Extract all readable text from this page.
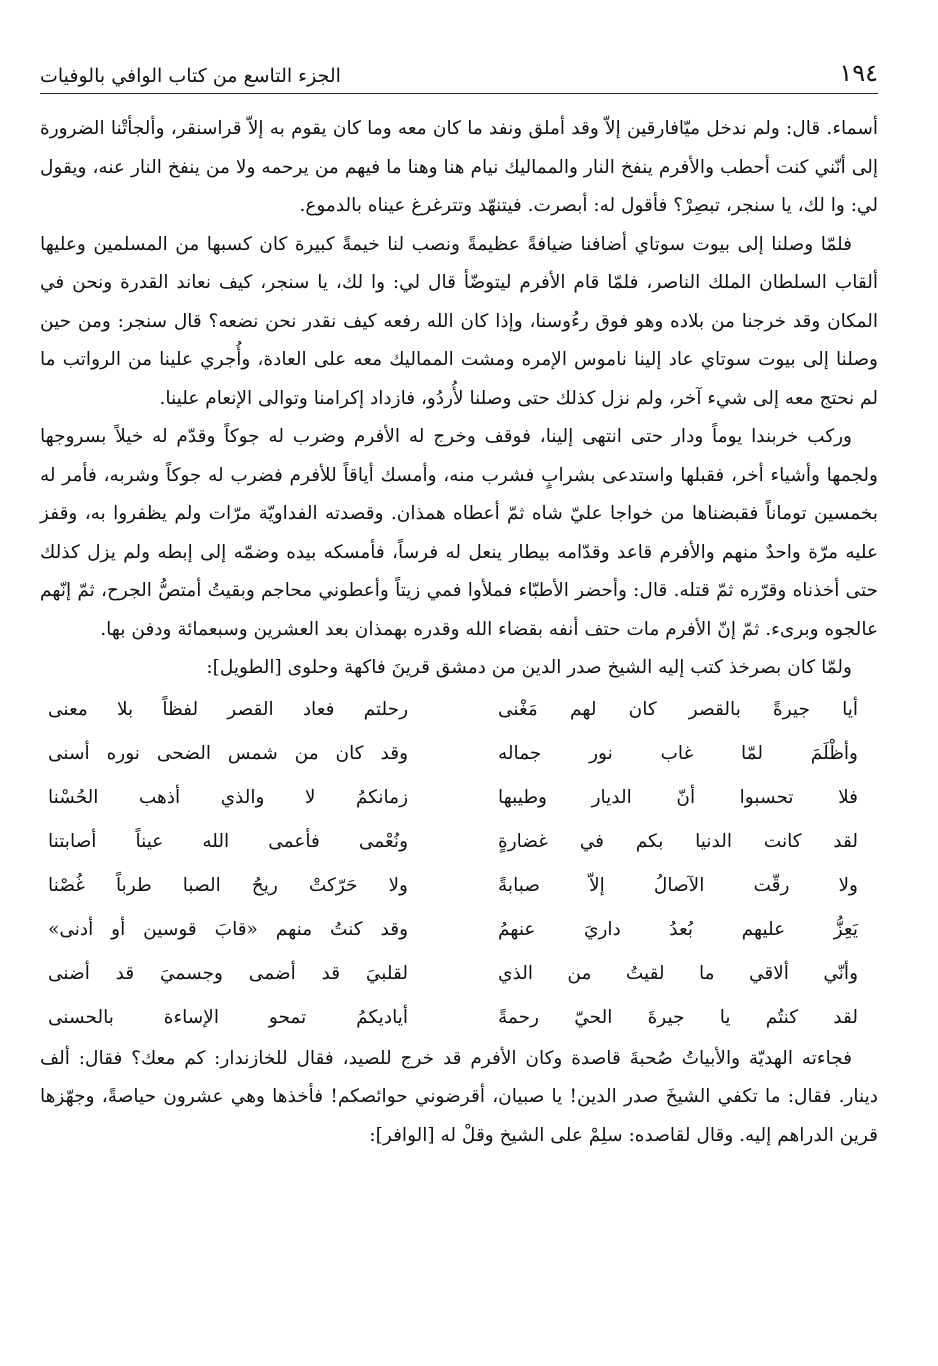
١٩٤
الجزء التاسع من كتاب الوافي بالوفيات

أسماء. قال: ولم ندخل ميّافارقين إلاّ وقد أملق ونفد ما كان معه وما كان يقوم به إلاّ قراسنقر، وألجأتْنا الضرورة إلى أنّني كنت أحطب والأفرم ينفخ النار والمماليك نيام هنا وهنا ما فيهم من يرحمه ولا من ينفخ النار عنه، ويقول لي: وا لك، يا سنجر، تبصِرْ؟ فأقول له: أبصرت. فيتنهّد وتترغرغ عيناه بالدموع.

فلمّا وصلنا إلى بيوت سوتاي أضافنا ضيافةً عظيمةً ونصب لنا خيمةً كبيرة كان كسبها من المسلمين وعليها ألقاب السلطان الملك الناصر، فلمّا قام الأفرم ليتوضّأ قال لي: وا لك، يا سنجر، كيف نعاند القدرة ونحن في المكان وقد خرجنا من بلاده وهو فوق رءُوسنا، وإذا كان الله رفعه كيف نقدر نحن نضعه؟ قال سنجر: ومن حين وصلنا إلى بيوت سوتاي عاد إلينا ناموس الإمره ومشت المماليك معه على العادة، وأُجري علينا من الرواتب ما لم نحتج معه إلى شيء آخر، ولم نزل كذلك حتى وصلنا لأُردُو، فازداد إكرامنا وتوالى الإنعام علينا.

وركب خربندا يوماً ودار حتى انتهى إلينا، فوقف وخرج له الأفرم وضرب له جوكاً وقدّم له خيلاً بسروجها ولجمها وأشياء أخر، فقبلها واستدعى بشرابٍ فشرب منه، وأمسك أياقاً للأفرم فضرب له جوكاً وشربه، فأمر له بخمسين توماناً فقبضناها من خواجا عليّ شاه ثمّ أعطاه همذان. وقصدته الفداويّة مرّات ولم يظفروا به، وقفز عليه مرّة واحدٌ منهم والأفرم قاعد وقدّامه بيطار ينعل له فرساً، فأمسكه بيده وضمّه إلى إبطه ولم يزل كذلك حتى أخذناه وقرّره ثمّ قتله. قال: وأحضر الأطبّاء فملأوا فمي زيتاً وأعطوني محاجم وبقيتُ أمتصُّ الجرح، ثمّ إنّهم عالجوه وبرىء. ثمّ إنّ الأفرم مات حتف أنفه بقضاء الله وقدره بهمذان بعد العشرين وسبعمائة ودفن بها.

ولمّا كان بصرخذ كتب إليه الشيخ صدر الدين من دمشق قرينَ فاكهة وحلوى [الطويل]:

أيا جيرةً بالقصر كان لهم مَغْنى
رحلتم فعاد القصر لفظاً بلا معنى
وأظْلَمَ لمّا غاب نور جماله
وقد كان من شمس الضحى نوره أسنى
فلا تحسبوا أنّ الديار وطيبها
زمانكمُ لا والذي أذهب الحُسْنا
لقد كانت الدنيا بكم في غضارةٍ
ونُعْمى فأعمى الله عيناً أصابتنا
ولا رقّت الآصالُ إلاّ صبابةً
ولا حَرّكتْ ريحُ الصبا طرباً غُصْنا
يَعِزُّ عليهم بُعدُ داريَ عنهمُ
وقد كنتُ منهم «قابَ قوسين أو أدنى»
وأنّي ألاقي ما لقيتُ من الذي
لقلبيَ قد أضمى وجسميَ قد أضنى
لقد كنتُم يا جيرةَ الحيّ رحمةً
أياديكمُ تمحو الإساءة بالحسنى

فجاءته الهديّة والأبياتُ صُحبةَ قاصدة وكان الأفرم قد خرج للصيد، فقال للخازندار: كم معك؟ فقال: ألف دينار. فقال: ما تكفي الشيخَ صدر الدين! يا صبيان، أقرضوني حوائصكم! فأخذها وهي عشرون حياصةً، وجهّزها قرين الدراهم إليه. وقال لقاصده: سلِمْ على الشيخ وقلْ له [الوافر]:
